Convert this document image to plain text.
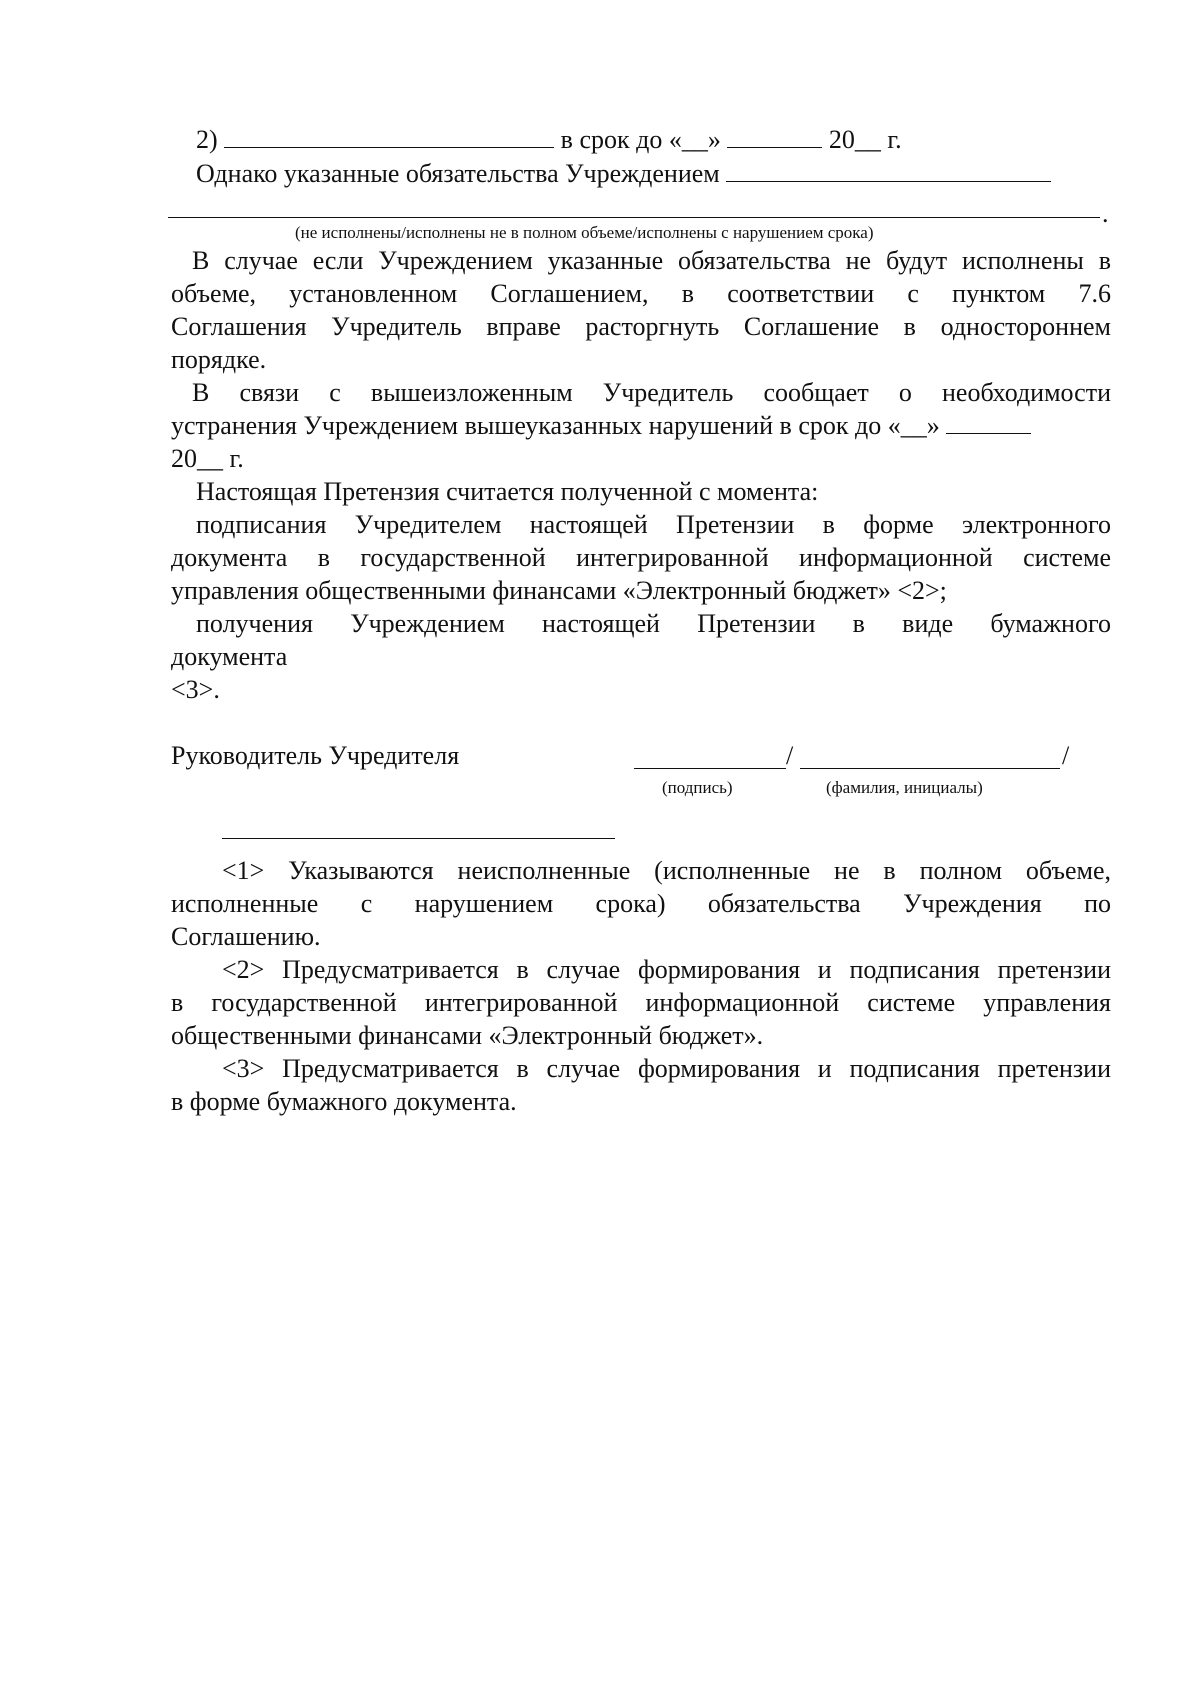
2)	в срок до «__»	20__ г.
Однако указанные обязательства Учреждением
.
(не исполнены/исполнены не в полном объеме/исполнены с нарушением срока)
В случае если Учреждением указанные обязательства не будут исполнены в
объеме, установленном Соглашением, в соответствии с пунктом 7.6
Соглашения Учредитель вправе расторгнуть Соглашение в одностороннем
порядке.
В связи с вышеизложенным Учредитель сообщает о необходимости
устранения Учреждением вышеуказанных нарушений в срок до «__»
20__ г.
Настоящая Претензия считается полученной с момента:
подписания Учредителем настоящей Претензии в форме электронного
документа в государственной интегрированной информационной системе
управления общественными финансами «Электронный бюджет» <2>;
получения Учреждением настоящей Претензии в виде бумажного
документа
<3>.
Руководитель Учредителя	/	/
(подпись)	(фамилия, инициалы)
<1> Указываются неисполненные (исполненные не в полном объеме,
исполненные с нарушением срока) обязательства Учреждения по
Соглашению.
<2> Предусматривается в случае формирования и подписания претензии
в государственной интегрированной информационной системе управления
общественными финансами «Электронный бюджет».
<3> Предусматривается в случае формирования и подписания претензии
в форме бумажного документа.
